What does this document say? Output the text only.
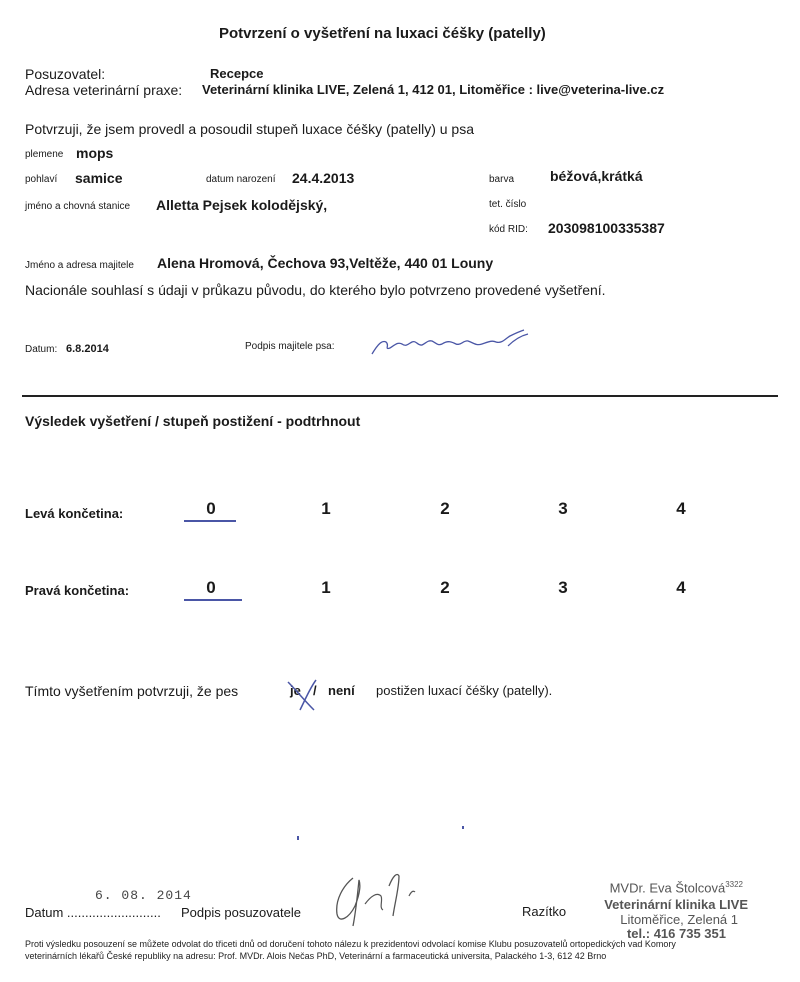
Potvrzení o vyšetření na luxaci čéšky (patelly)
Posuzovatel:	Recepce
Adresa veterinární praxe: Veterinární klinika LIVE, Zelená 1, 412 01, Litoměřice : live@veterina-live.cz
Potvrzuji, že jsem provedl a posoudil stupeň luxace čéšky (patelly) u psa
plemene mops
pohlaví samice	datum narození 24.4.2013	barva	béžová,krátká
jméno a chovná stanice Alletta Pejsek kolodějský,	tet. číslo
kód RID: 203098100335387
Jméno a adresa majitele Alena Hromová, Čechova 93,Veltěže, 440 01 Louny
Nacionále souhlasí s údaji v průkazu původu, do kterého bylo potvrzeno provedené vyšetření.
Datum: 6.8.2014	Podpis majitele psa:
Výsledek vyšetření / stupeň postižení - podtrhnout
Levá končetina:	0	1	2	3	4
Pravá končetina:	0	1	2	3	4
Tímto vyšetřením potvrzuji, že pes	je / není postižen luxací čéšky (patelly).
Datum ..........................
6. 08. 2014
Podpis posuzovatele	Razítko
MVDr. Eva Štolcová$^{3322}$
Veterinární klinika LIVE
Litoměřice, Zelená 1
tel.: 416 735 351
Proti výsledku posouzení se můžete odvolat do třiceti dnů od doručení tohoto nálezu k prezidentovi odvolací komise Klubu posuzovatelů ortopedických vad Komory
veterinárních lékařů České republiky na adresu: Prof. MVDr. Alois Nečas PhD, Veterinární a farmaceutická universita, Palackého 1-3, 612 42 Brno
